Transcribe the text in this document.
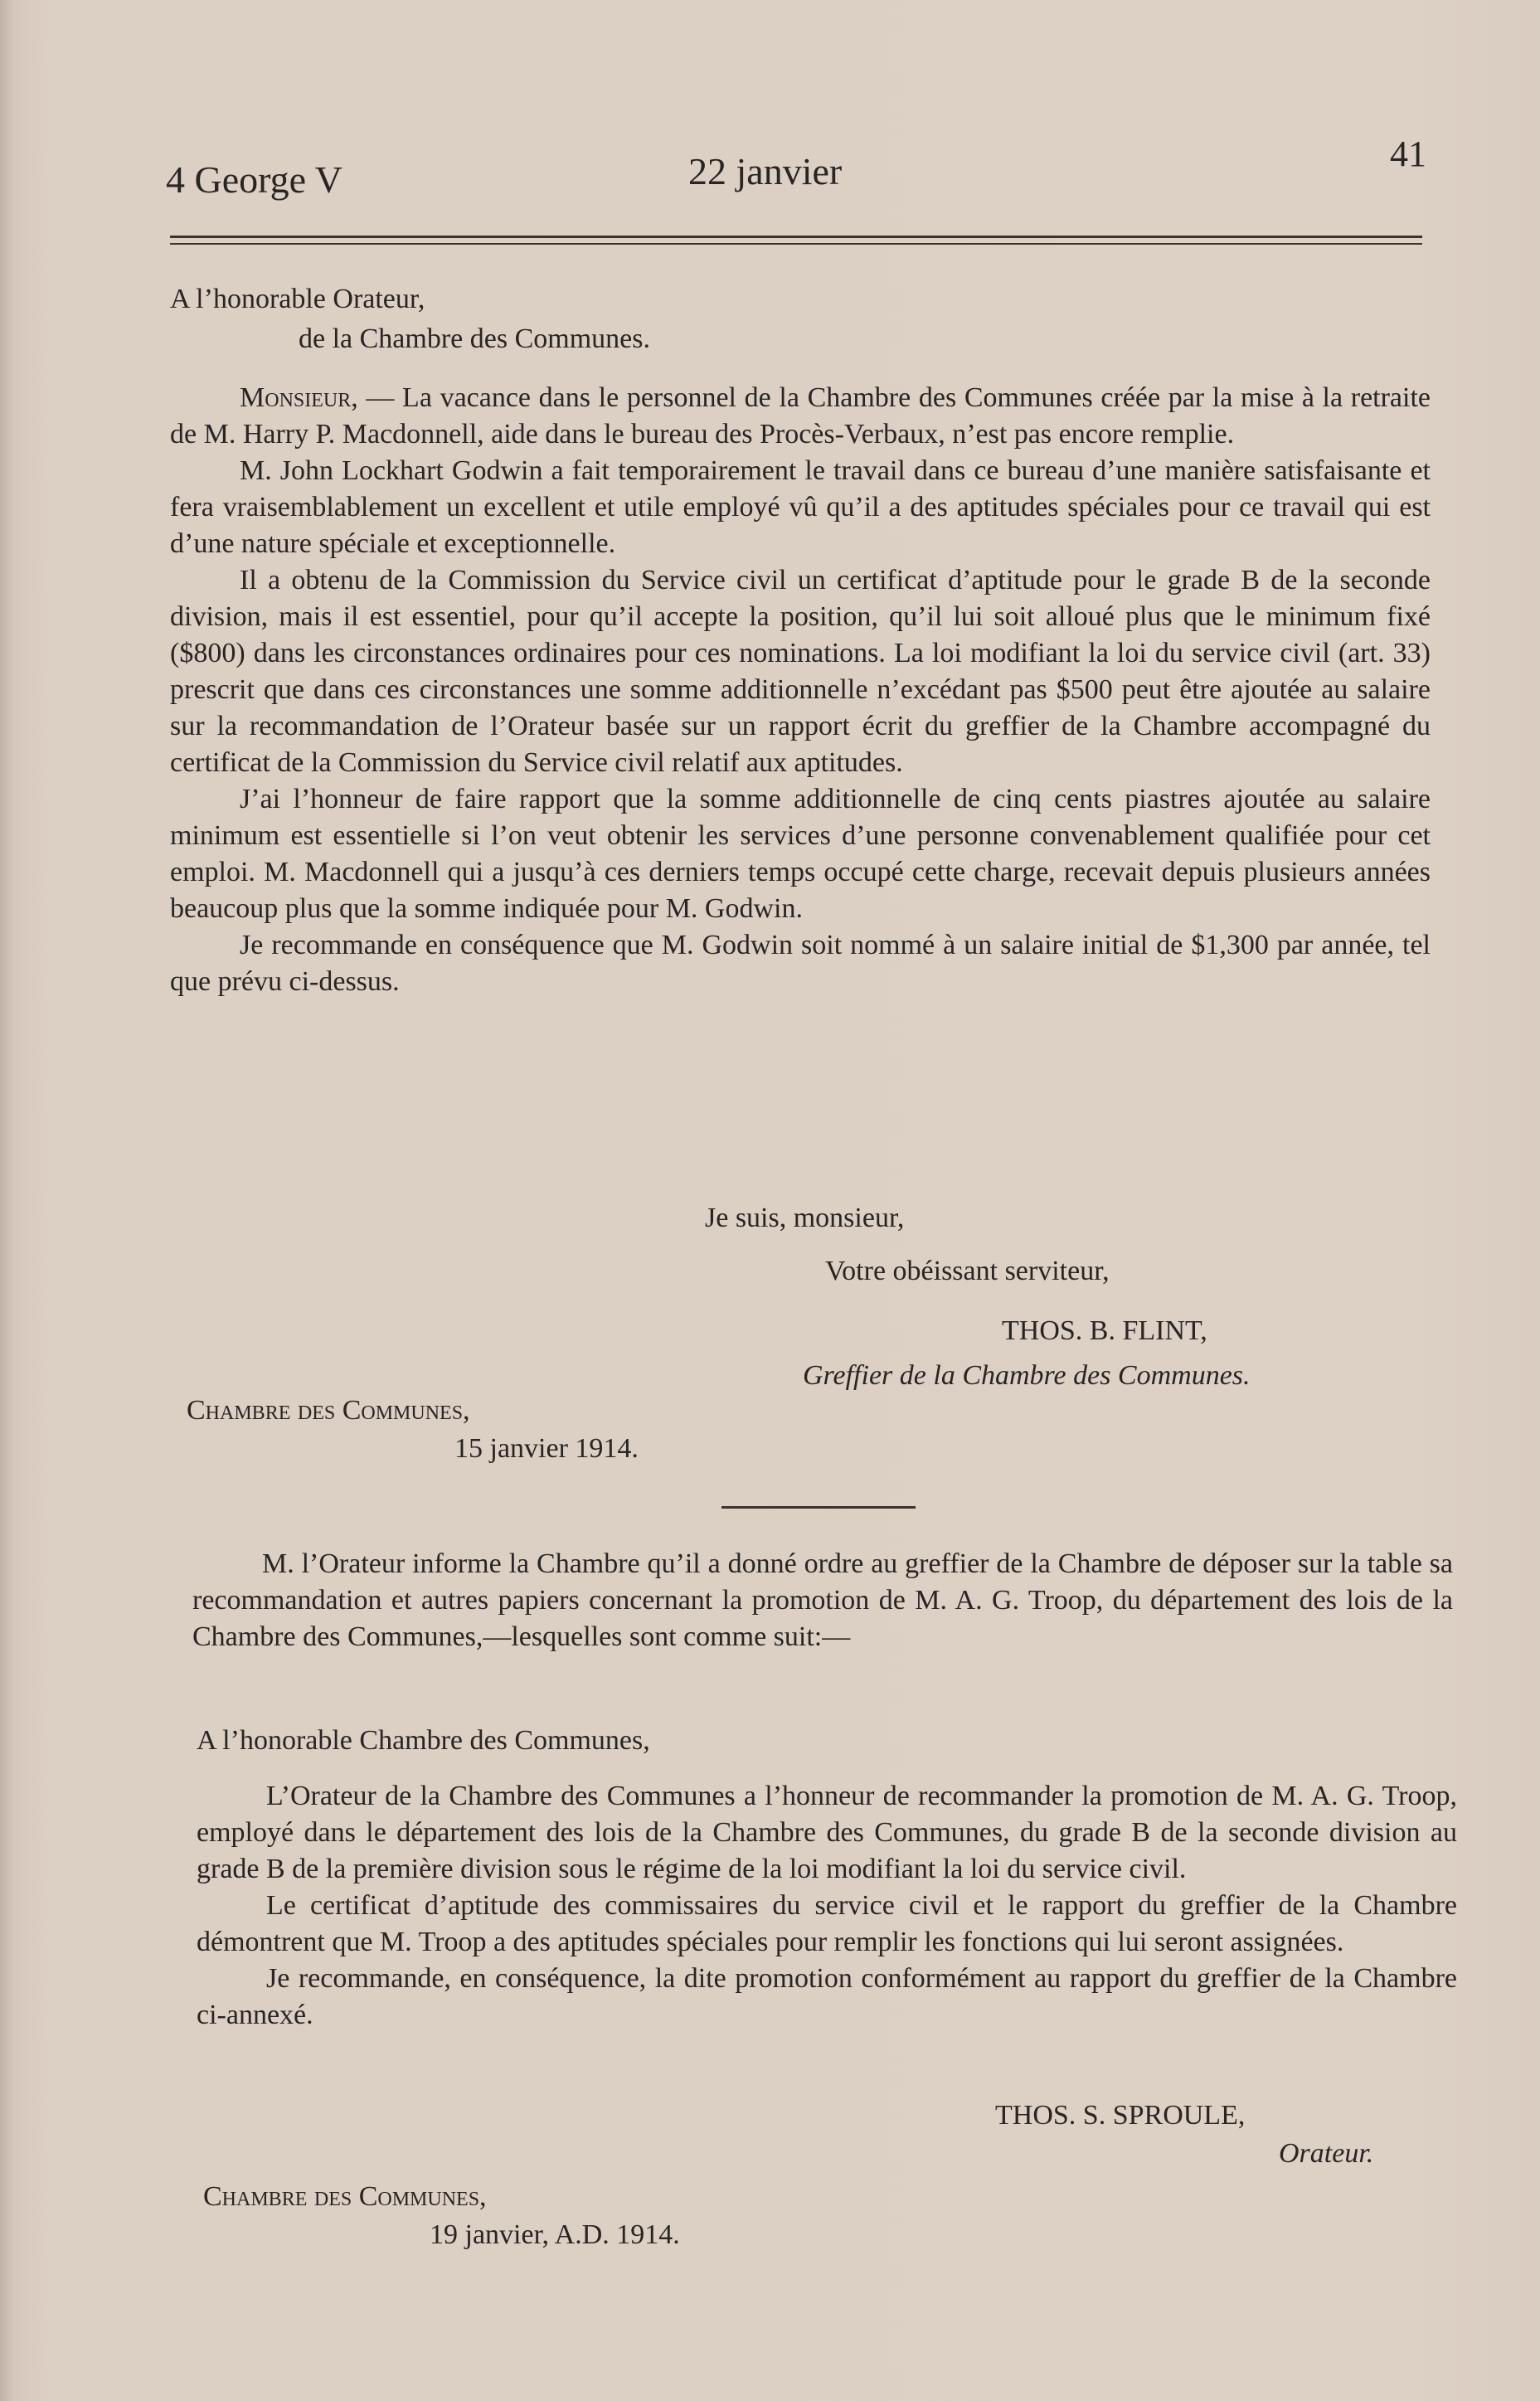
4 George V	22 janvier	41
A l’honorable Orateur,
de la Chambre des Communes.

Monsieur, — La vacance dans le personnel de la Chambre des Communes créée par la mise à la retraite de M. Harry P. Macdonnell, aide dans le bureau des Procès-Verbaux, n’est pas encore remplie.

M. John Lockhart Godwin a fait temporairement le travail dans ce bureau d’une manière satisfaisante et fera vraisemblablement un excellent et utile employé vû qu’il a des aptitudes spéciales pour ce travail qui est d’une nature spéciale et exceptionnelle.

Il a obtenu de la Commission du Service civil un certificat d’aptitude pour le grade B de la seconde division, mais il est essentiel, pour qu’il accepte la position, qu’il lui soit alloué plus que le minimum fixé ($800) dans les circonstances ordinaires pour ces nominations. La loi modifiant la loi du service civil (art. 33) prescrit que dans ces circonstances une somme additionnelle n’excédant pas $500 peut être ajoutée au salaire sur la recommandation de l’Orateur basée sur un rapport écrit du greffier de la Chambre accompagné du certificat de la Commission du Service civil relatif aux aptitudes.

J’ai l’honneur de faire rapport que la somme additionnelle de cinq cents piastres ajoutée au salaire minimum est essentielle si l’on veut obtenir les services d’une personne convenablement qualifiée pour cet emploi. M. Macdonnell qui a jusqu’à ces derniers temps occupé cette charge, recevait depuis plusieurs années beaucoup plus que la somme indiquée pour M. Godwin.

Je recommande en conséquence que M. Godwin soit nommé à un salaire initial de $1,300 par année, tel que prévu ci-dessus.

Je suis, monsieur,
Votre obéissant serviteur,
THOS. B. FLINT,
Greffier de la Chambre des Communes.
Chambre des Communes,
15 janvier 1914.

M. l’Orateur informe la Chambre qu’il a donné ordre au greffier de la Chambre de déposer sur la table sa recommandation et autres papiers concernant la promotion de M. A. G. Troop, du département des lois de la Chambre des Communes,—lesquelles sont comme suit:—

A l’honorable Chambre des Communes,

L’Orateur de la Chambre des Communes a l’honneur de recommander la promotion de M. A. G. Troop, employé dans le département des lois de la Chambre des Communes, du grade B de la seconde division au grade B de la première division sous le régime de la loi modifiant la loi du service civil.

Le certificat d’aptitude des commissaires du service civil et le rapport du greffier de la Chambre démontrent que M. Troop a des aptitudes spéciales pour remplir les fonctions qui lui seront assignées.

Je recommande, en conséquence, la dite promotion conformément au rapport du greffier de la Chambre ci-annexé.

THOS. S. SPROULE,
Orateur.
Chambre des Communes,
19 janvier, A.D. 1914.
